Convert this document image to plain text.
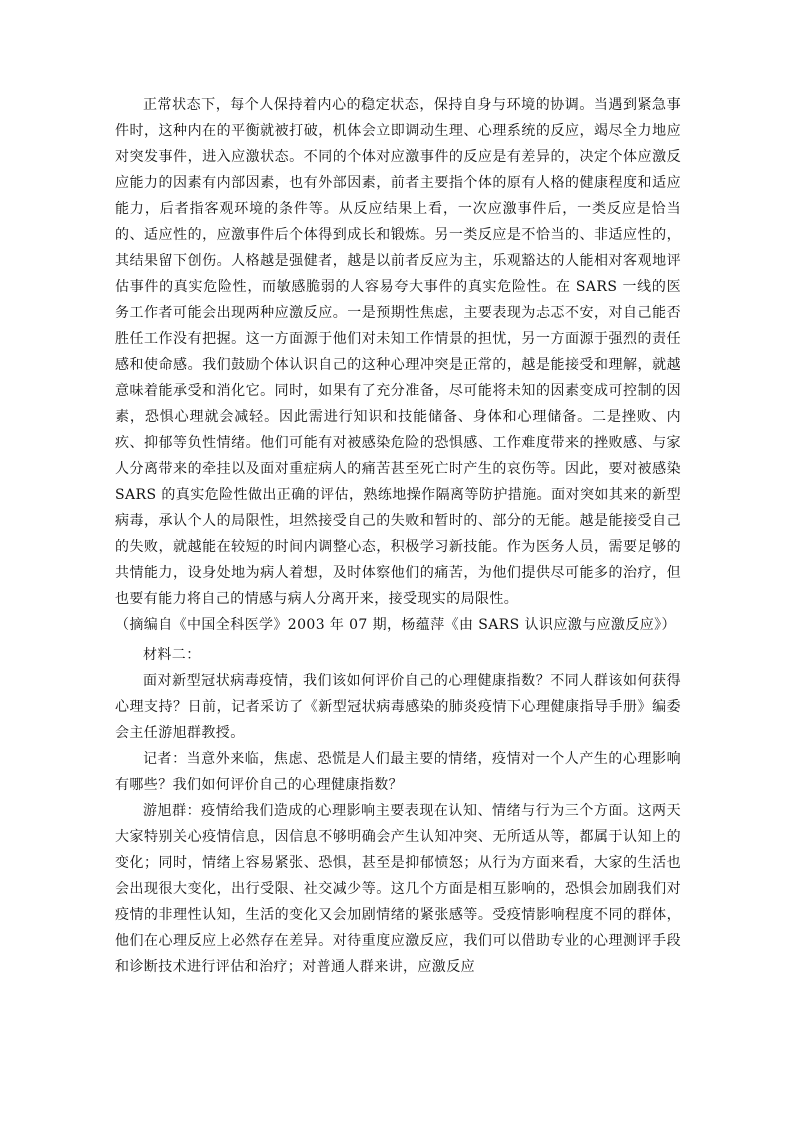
正常状态下，每个人保持着内心的稳定状态，保持自身与环境的协调。当遇到紧急事件时，这种内在的平衡就被打破，机体会立即调动生理、心理系统的反应，竭尽全力地应对突发事件，进入应激状态。不同的个体对应激事件的反应是有差异的，决定个体应激反应能力的因素有内部因素，也有外部因素，前者主要指个体的原有人格的健康程度和适应能力，后者指客观环境的条件等。从反应结果上看，一次应激事件后，一类反应是恰当的、适应性的，应激事件后个体得到成长和锻炼。另一类反应是不恰当的、非适应性的，其结果留下创伤。人格越是强健者，越是以前者反应为主，乐观豁达的人能相对客观地评估事件的真实危险性，而敏感脆弱的人容易夸大事件的真实危险性。在 SARS 一线的医务工作者可能会出现两种应激反应。一是预期性焦虑，主要表现为忐忑不安，对自己能否胜任工作没有把握。这一方面源于他们对未知工作情景的担忧，另一方面源于强烈的责任感和使命感。我们鼓励个体认识自己的这种心理冲突是正常的，越是能接受和理解，就越意味着能承受和消化它。同时，如果有了充分准备，尽可能将未知的因素变成可控制的因素，恐惧心理就会减轻。因此需进行知识和技能储备、身体和心理储备。二是挫败、内疚、抑郁等负性情绪。他们可能有对被感染危险的恐惧感、工作难度带来的挫败感、与家人分离带来的牵挂以及面对重症病人的痛苦甚至死亡时产生的哀伤等。因此，要对被感染 SARS 的真实危险性做出正确的评估，熟练地操作隔离等防护措施。面对突如其来的新型病毒，承认个人的局限性，坦然接受自己的失败和暂时的、部分的无能。越是能接受自己的失败，就越能在较短的时间内调整心态，积极学习新技能。作为医务人员，需要足够的共情能力，设身处地为病人着想，及时体察他们的痛苦，为他们提供尽可能多的治疗，但也要有能力将自己的情感与病人分离开来，接受现实的局限性。

（摘编自《中国全科医学》2003 年 07 期，杨蕴萍《由 SARS 认识应激与应激反应》）

材料二：

面对新型冠状病毒疫情，我们该如何评价自己的心理健康指数？不同人群该如何获得心理支持？日前，记者采访了《新型冠状病毒感染的肺炎疫情下心理健康指导手册》编委会主任游旭群教授。

记者：当意外来临，焦虑、恐慌是人们最主要的情绪，疫情对一个人产生的心理影响有哪些？我们如何评价自己的心理健康指数？

游旭群：疫情给我们造成的心理影响主要表现在认知、情绪与行为三个方面。这两天大家特别关心疫情信息，因信息不够明确会产生认知冲突、无所适从等，都属于认知上的变化；同时，情绪上容易紧张、恐惧，甚至是抑郁愤怒；从行为方面来看，大家的生活也会出现很大变化，出行受限、社交减少等。这几个方面是相互影响的，恐惧会加剧我们对疫情的非理性认知，生活的变化又会加剧情绪的紧张感等。受疫情影响程度不同的群体，他们在心理反应上必然存在差异。对待重度应激反应，我们可以借助专业的心理测评手段和诊断技术进行评估和治疗；对普通人群来讲，应激反应
